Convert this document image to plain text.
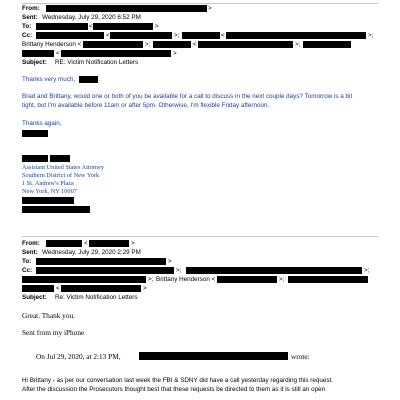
From:	>
Sent: Wednesday, July 29, 2020 6:52 PM
To:	<	>
Cc:	<	>;	<	>;
Brittany Henderson <	>;	<	>;
<	>
Subject: RE: Victim Notification Letters
Thanks very much,	.
Brad and Brittany, would one or both of you be available for a call to discuss in the next couple days? Tomorrow is a bit
tight, but I'm available before 11am or after 5pm. Otherwise, I'm flexible Friday afternoon.
Thanks again,
Assistant United States Attorney
Southern District of New York
1 St. Andrew's Plaza
New York, NY 10007
From:	<	>
Sent: Wednesday, July 29, 2020 2:29 PM
To:	>
Cc:	>;	>;
>; Brittany Henderson <	>;
<	>
Subject: Re: Victim Notification Letters
Great. Thank you.
Sent from my iPhone
On Jul 29, 2020, at 2:13 PM,	wrote:
Hi Brittany - as per our conversation last week the FBI & SDNY did have a call yesterday regarding this request.
After the discussion the Prosecutors thought best that these requests be directed to them as it is still an open
